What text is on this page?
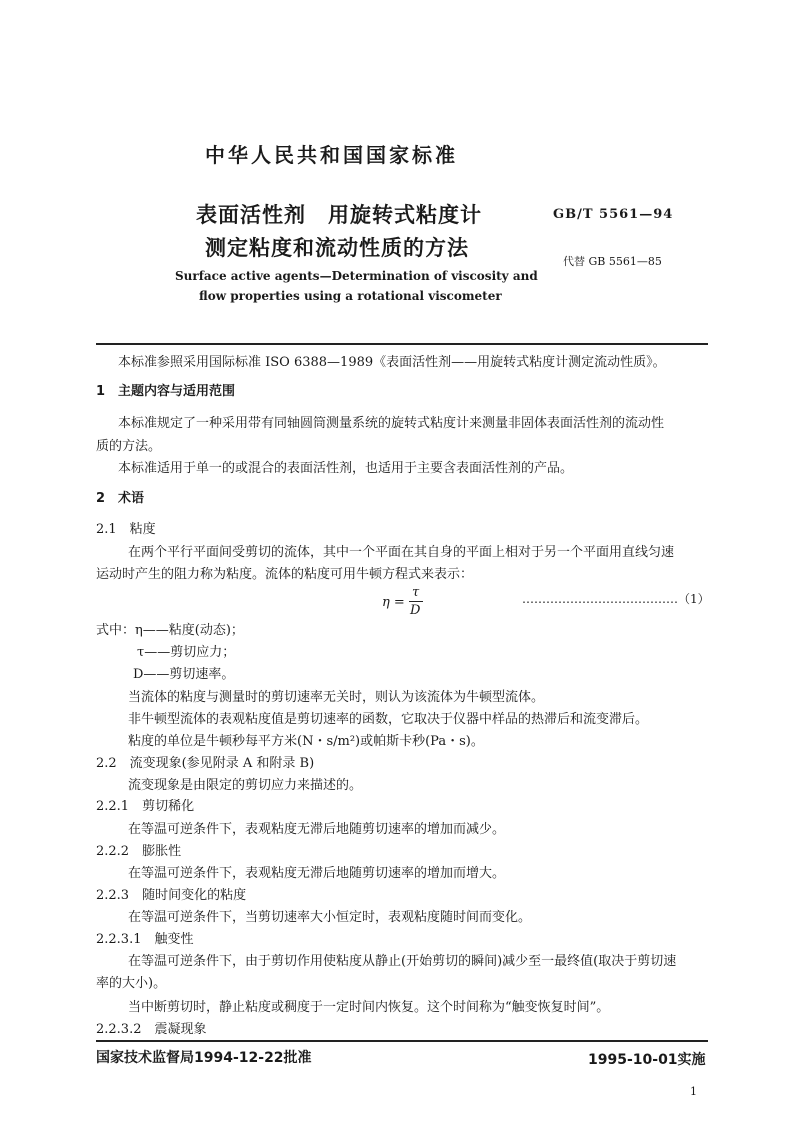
中华人民共和国国家标准
表面活性剂　用旋转式粘度计
测定粘度和流动性质的方法
GB/T 5561—94
代替 GB 5561—85
Surface active agents—Determination of viscosity and
flow properties using a rotational viscometer
本标准参照采用国际标准 ISO 6388—1989《表面活性剂——用旋转式粘度计测定流动性质》。
1　主题内容与适用范围
本标准规定了一种采用带有同轴圆筒测量系统的旋转式粘度计来测量非固体表面活性剂的流动性
质的方法。
本标准适用于单一的或混合的表面活性剂，也适用于主要含表面活性剂的产品。
2　术语
2.1　粘度
在两个平行平面间受剪切的流体，其中一个平面在其自身的平面上相对于另一个平面用直线匀速
运动时产生的阻力称为粘度。流体的粘度可用牛顿方程式来表示：
η =
τ
D
…………………………………（1）
式中：η——粘度(动态)；
τ——剪切应力；
D——剪切速率。
当流体的粘度与测量时的剪切速率无关时，则认为该流体为牛顿型流体。
非牛顿型流体的表观粘度值是剪切速率的函数，它取决于仪器中样品的热滞后和流变滞后。
粘度的单位是牛顿秒每平方米(N・s/m²)或帕斯卡秒(Pa・s)。
2.2　流变现象(参见附录 A 和附录 B)
流变现象是由限定的剪切应力来描述的。
2.2.1　剪切稀化
在等温可逆条件下，表观粘度无滞后地随剪切速率的增加而减少。
2.2.2　膨胀性
在等温可逆条件下，表观粘度无滞后地随剪切速率的增加而增大。
2.2.3　随时间变化的粘度
在等温可逆条件下，当剪切速率大小恒定时，表观粘度随时间而变化。
2.2.3.1　触变性
在等温可逆条件下，由于剪切作用使粘度从静止(开始剪切的瞬间)减少至一最终值(取决于剪切速
率的大小)。
当中断剪切时，静止粘度或稠度于一定时间内恢复。这个时间称为“触变恢复时间”。
2.2.3.2　震凝现象
国家技术监督局1994-12-22批准	1995-10-01实施
1
